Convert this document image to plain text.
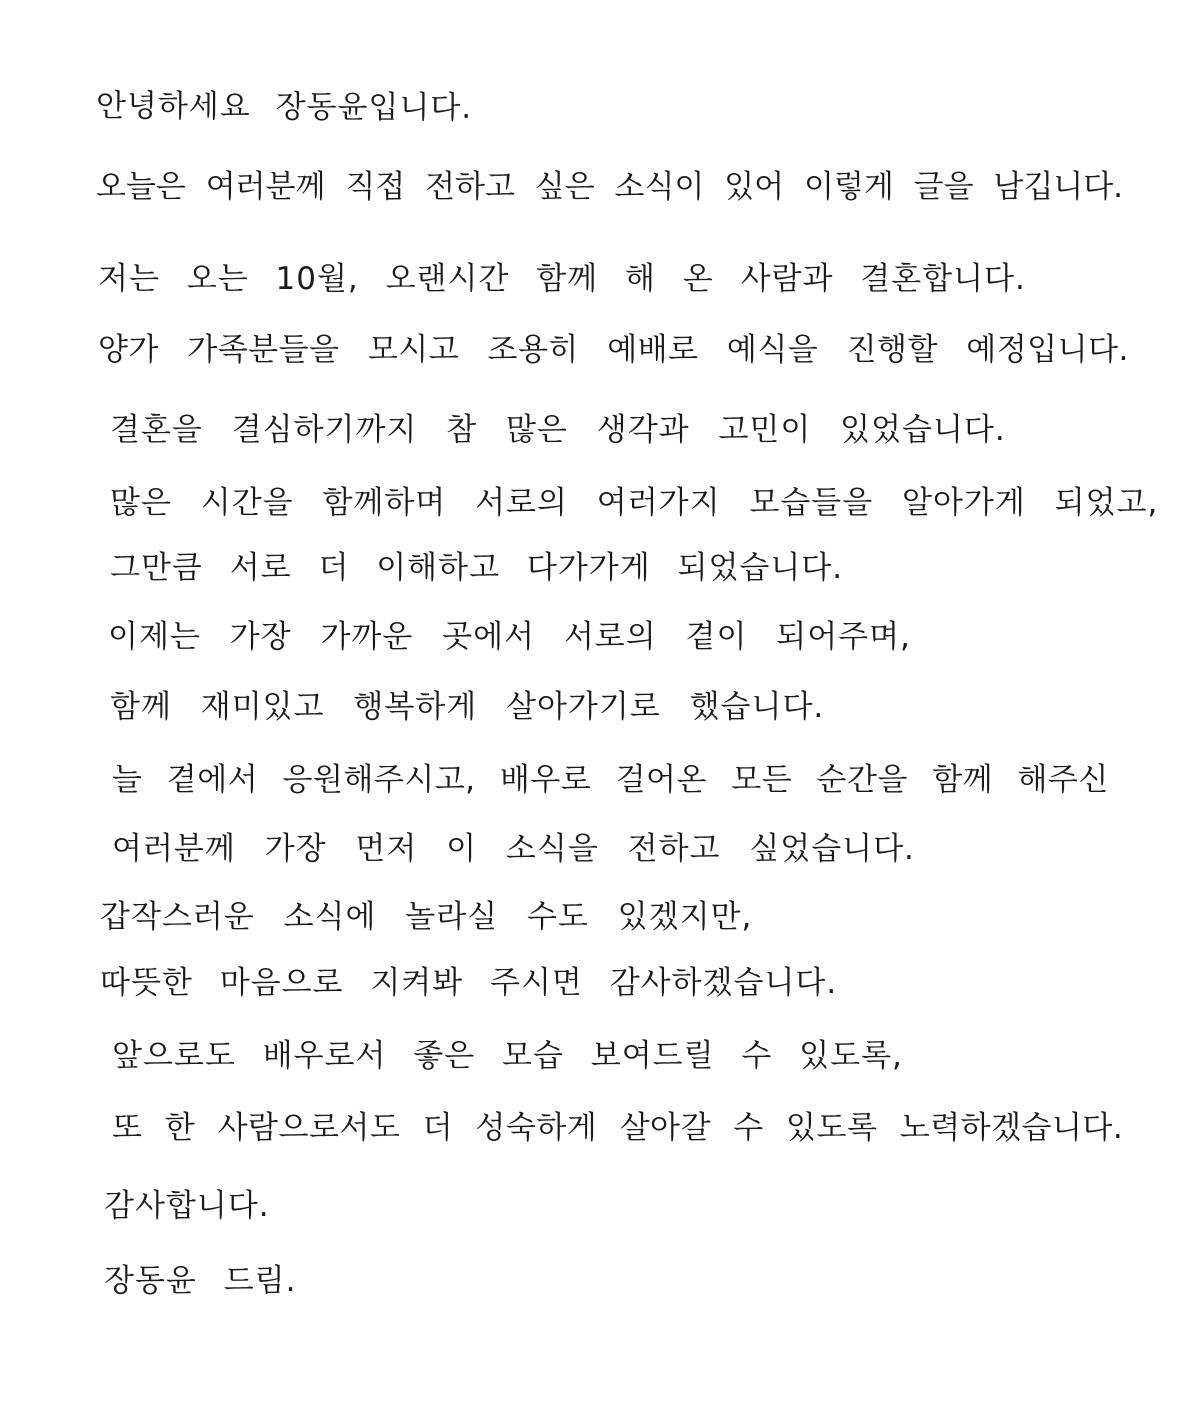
안녕하세요 장동윤입니다.
오늘은 여러분께 직접 전하고 싶은 소식이 있어 이렇게 글을 남깁니다.
저는 오는 10월, 오랜시간 함께 해 온 사람과 결혼합니다.
양가 가족분들을 모시고 조용히 예배로 예식을 진행할 예정입니다.
결혼을 결심하기까지 참 많은 생각과 고민이 있었습니다.
많은 시간을 함께하며 서로의 여러가지 모습들을 알아가게 되었고,
그만큼 서로 더 이해하고 다가가게 되었습니다.
이제는 가장 가까운 곳에서 서로의 곁이 되어주며,
함께 재미있고 행복하게 살아가기로 했습니다.
늘 곁에서 응원해주시고, 배우로 걸어온 모든 순간을 함께 해주신
여러분께 가장 먼저 이 소식을 전하고 싶었습니다.
갑작스러운 소식에 놀라실 수도 있겠지만,
따뜻한 마음으로 지켜봐 주시면 감사하겠습니다.
앞으로도 배우로서 좋은 모습 보여드릴 수 있도록,
또 한 사람으로서도 더 성숙하게 살아갈 수 있도록 노력하겠습니다.
감사합니다.
장동윤 드림.
